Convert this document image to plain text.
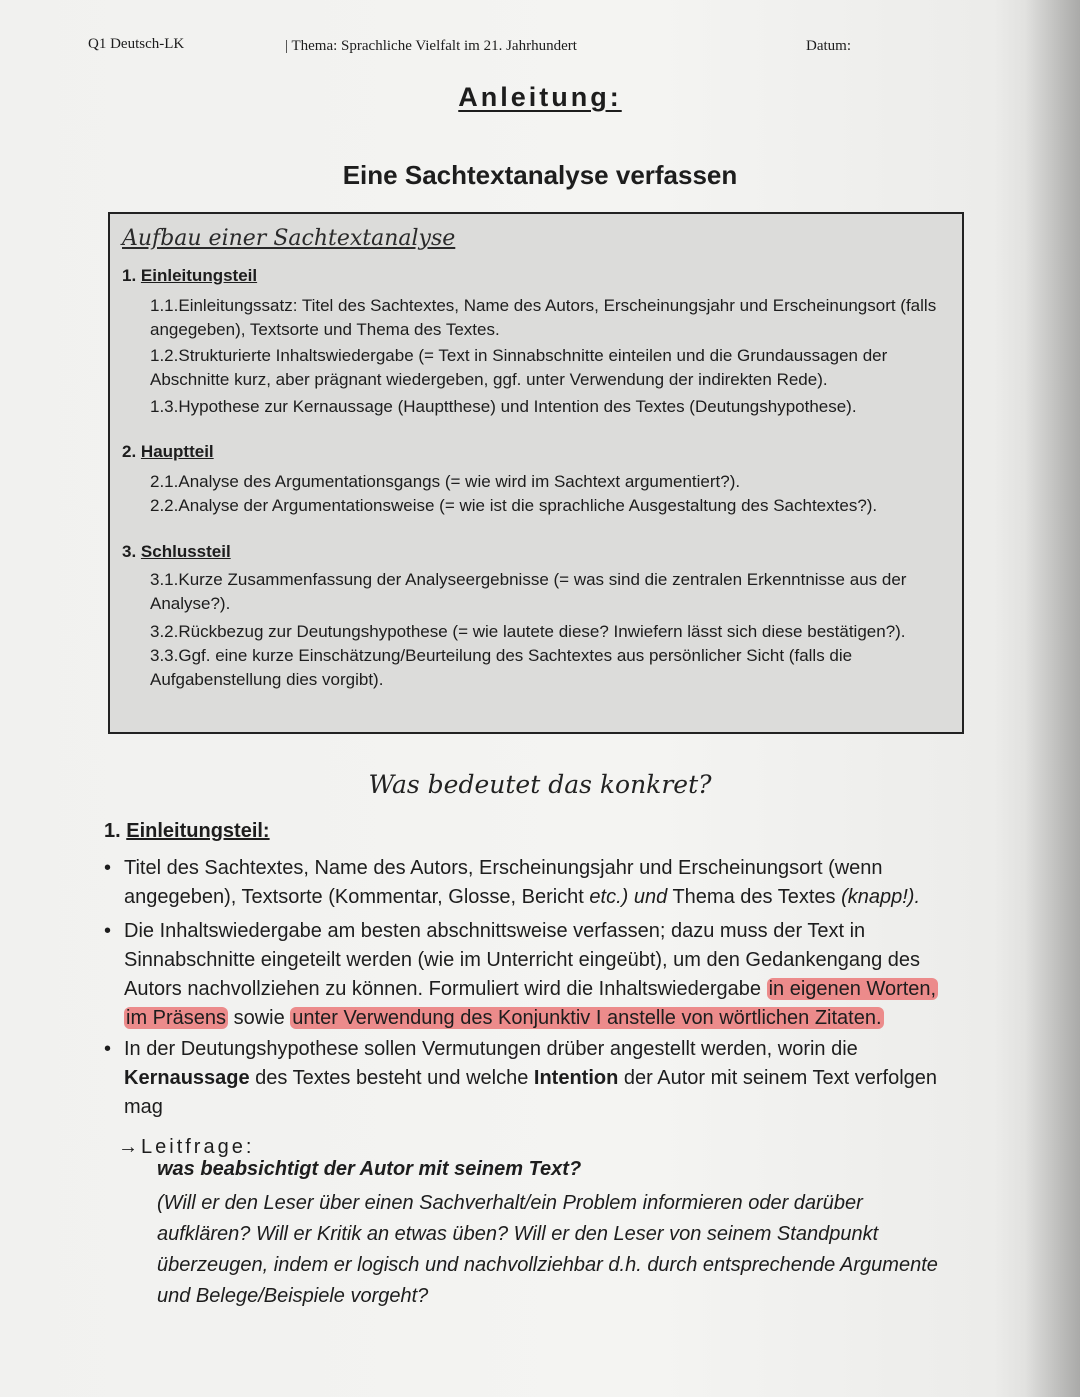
Q1 Deutsch-LK	| Thema: Sprachliche Vielfalt im 21. Jahrhundert	Datum:
Anleitung:
Eine Sachtextanalyse verfassen
Aufbau einer Sachtextanalyse
1. Einleitungsteil
1.1.Einleitungssatz: Titel des Sachtextes, Name des Autors, Erscheinungsjahr und Erscheinungsort (falls angegeben), Textsorte und Thema des Textes.
1.2.Strukturierte Inhaltswiedergabe (= Text in Sinnabschnitte einteilen und die Grundaussagen der Abschnitte kurz, aber prägnant wiedergeben, ggf. unter Verwendung der indirekten Rede).
1.3.Hypothese zur Kernaussage (Hauptthese) und Intention des Textes (Deutungshypothese).
2. Hauptteil
2.1.Analyse des Argumentationsgangs (= wie wird im Sachtext argumentiert?).
2.2.Analyse der Argumentationsweise (= wie ist die sprachliche Ausgestaltung des Sachtextes?).
3. Schlussteil
3.1.Kurze Zusammenfassung der Analyseergebnisse (= was sind die zentralen Erkenntnisse aus der Analyse?).
3.2.Rückbezug zur Deutungshypothese (= wie lautete diese? Inwiefern lässt sich diese bestätigen?).
3.3.Ggf. eine kurze Einschätzung/Beurteilung des Sachtextes aus persönlicher Sicht (falls die Aufgabenstellung dies vorgibt).
Was bedeutet das konkret?
1. Einleitungsteil:
• Titel des Sachtextes, Name des Autors, Erscheinungsjahr und Erscheinungsort (wenn angegeben), Textsorte (Kommentar, Glosse, Bericht etc.) und Thema des Textes (knapp!).
• Die Inhaltswiedergabe am besten abschnittsweise verfassen; dazu muss der Text in Sinnabschnitte eingeteilt werden (wie im Unterricht eingeübt), um den Gedankengang des Autors nachvollziehen zu können. Formuliert wird die Inhaltswiedergabe in eigenen Worten, im Präsens sowie unter Verwendung des Konjunktiv I anstelle von wörtlichen Zitaten.
• In der Deutungshypothese sollen Vermutungen drüber angestellt werden, worin die Kernaussage des Textes besteht und welche Intention der Autor mit seinem Text verfolgen mag
→Leitfrage:
was beabsichtigt der Autor mit seinem Text?
(Will er den Leser über einen Sachverhalt/ein Problem informieren oder darüber aufklären? Will er Kritik an etwas üben? Will er den Leser von seinem Standpunkt überzeugen, indem er logisch und nachvollziehbar d.h. durch entsprechende Argumente und Belege/Beispiele vorgeht?
